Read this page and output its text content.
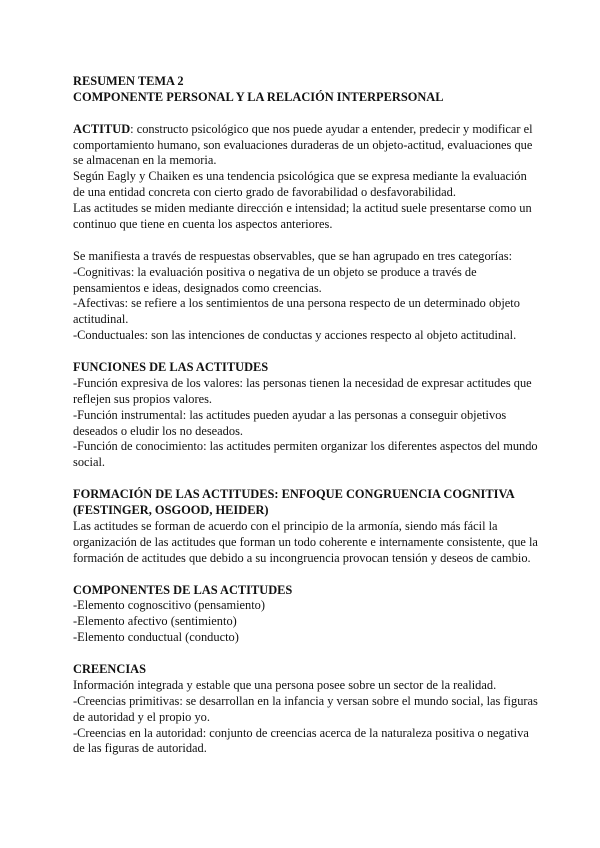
RESUMEN TEMA 2
COMPONENTE PERSONAL Y LA RELACIÓN INTERPERSONAL
ACTITUD: constructo psicológico que nos puede ayudar a entender, predecir y modificar el
comportamiento humano, son evaluaciones duraderas de un objeto-actitud, evaluaciones que
se almacenan en la memoria.
Según Eagly y Chaiken es una tendencia psicológica que se expresa mediante la evaluación
de una entidad concreta con cierto grado de favorabilidad o desfavorabilidad.
Las actitudes se miden mediante dirección e intensidad; la actitud suele presentarse como un
continuo que tiene en cuenta los aspectos anteriores.
Se manifiesta a través de respuestas observables, que se han agrupado en tres categorías:
-Cognitivas: la evaluación positiva o negativa de un objeto se produce a través de
pensamientos e ideas, designados como creencias.
-Afectivas: se refiere a los sentimientos de una persona respecto de un determinado objeto
actitudinal.
-Conductuales: son las intenciones de conductas y acciones respecto al objeto actitudinal.
FUNCIONES DE LAS ACTITUDES
-Función expresiva de los valores: las personas tienen la necesidad de expresar actitudes que
reflejen sus propios valores.
-Función instrumental: las actitudes pueden ayudar a las personas a conseguir objetivos
deseados o eludir los no deseados.
-Función de conocimiento: las actitudes permiten organizar los diferentes aspectos del mundo
social.
FORMACIÓN DE LAS ACTITUDES: ENFOQUE CONGRUENCIA COGNITIVA
(FESTINGER, OSGOOD, HEIDER)
Las actitudes se forman de acuerdo con el principio de la armonía, siendo más fácil la
organización de las actitudes que forman un todo coherente e internamente consistente, que la
formación de actitudes que debido a su incongruencia provocan tensión y deseos de cambio.
COMPONENTES DE LAS ACTITUDES
-Elemento cognoscitivo (pensamiento)
-Elemento afectivo (sentimiento)
-Elemento conductual (conducto)
CREENCIAS
Información integrada y estable que una persona posee sobre un sector de la realidad.
-Creencias primitivas: se desarrollan en la infancia y versan sobre el mundo social, las figuras
de autoridad y el propio yo.
-Creencias en la autoridad: conjunto de creencias acerca de la naturaleza positiva o negativa
de las figuras de autoridad.
